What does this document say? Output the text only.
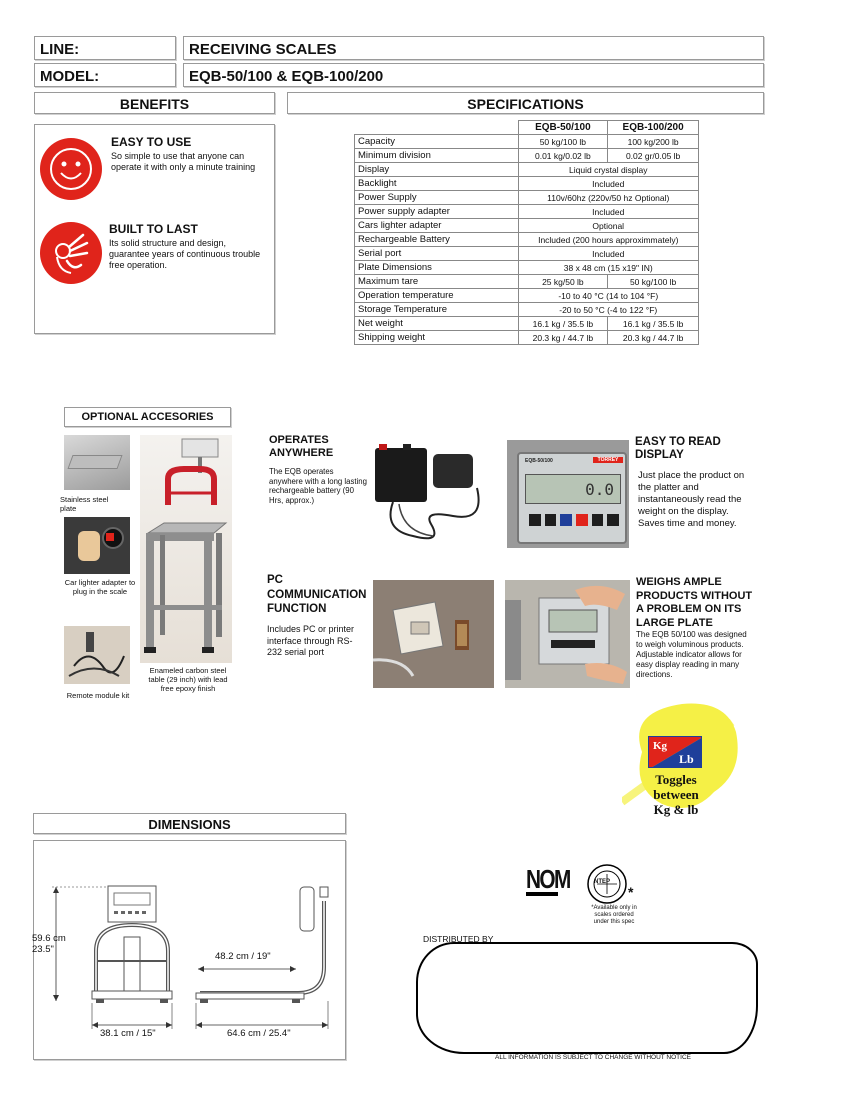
LINE:	RECEIVING SCALES
MODEL:	EQB-50/100 & EQB-100/200
BENEFITS
EASY TO USE
So simple to use that anyone can operate it with only a minute training
BUILT TO LAST
Its solid structure and design, guarantee years of continuous trouble free operation.
SPECIFICATIONS
	EQB-50/100	EQB-100/200
Capacity	50 kg/100 lb	100 kg/200 lb
Minimum division	0.01 kg/0.02 lb	0.02 gr/0.05 lb
Display	Liquid crystal display	
Backlight	Included	
Power Supply	110v/60hz (220v/50 hz Optional)	
Power supply adapter	Included	
Cars lighter adapter	Optional	
Rechargeable Battery	Included (200 hours approximmately)	
Serial port	Included	
Plate Dimensions	38 x 48 cm (15 x19" IN)	
Maximum tare	25 kg/50 lb	50 kg/100 lb
Operation temperature	-10 to 40 °C (14 to 104 °F)	
Storage Temperature	-20 to 50 °C (-4 to 122 °F)	
Net weight	16.1 kg / 35.5 lb	16.1 kg / 35.5 lb
Shipping weight	20.3 kg / 44.7 lb	20.3 kg / 44.7 lb
OPTIONAL ACCESORIES
Stainless steel plate
Car lighter adapter to plug in the scale
Remote module kit
Enameled carbon steel table (29 inch) with lead free epoxy finish
OPERATES ANYWHERE
The EQB operates anywhere with a long lasting rechargeable battery (90 Hrs, approx.)
EQB-50/100	TORREY
0.0
EASY TO READ DISPLAY
Just place the product on the platter and instantaneously read the weight on the display. Saves time and money.
PC COMMUNICATION FUNCTION
Includes PC or printer interface through RS-232 serial port
WEIGHS AMPLE PRODUCTS WITHOUT A PROBLEM ON ITS LARGE PLATE
The EQB 50/100 was designed to weigh voluminous products. Adjustable indicator allows for easy display reading in many directions.
Kg
Lb
Toggles
between
Kg & lb
DIMENSIONS
59.6 cm
23.5"
38.1 cm / 15"
48.2 cm / 19"
64.6 cm / 25.4"
NOM	NTEP
*
*Available only in scales ordered under this spec
DISTRIBUTED BY
ALL INFORMATION IS SUBJECT TO CHANGE WITHOUT NOTICE
